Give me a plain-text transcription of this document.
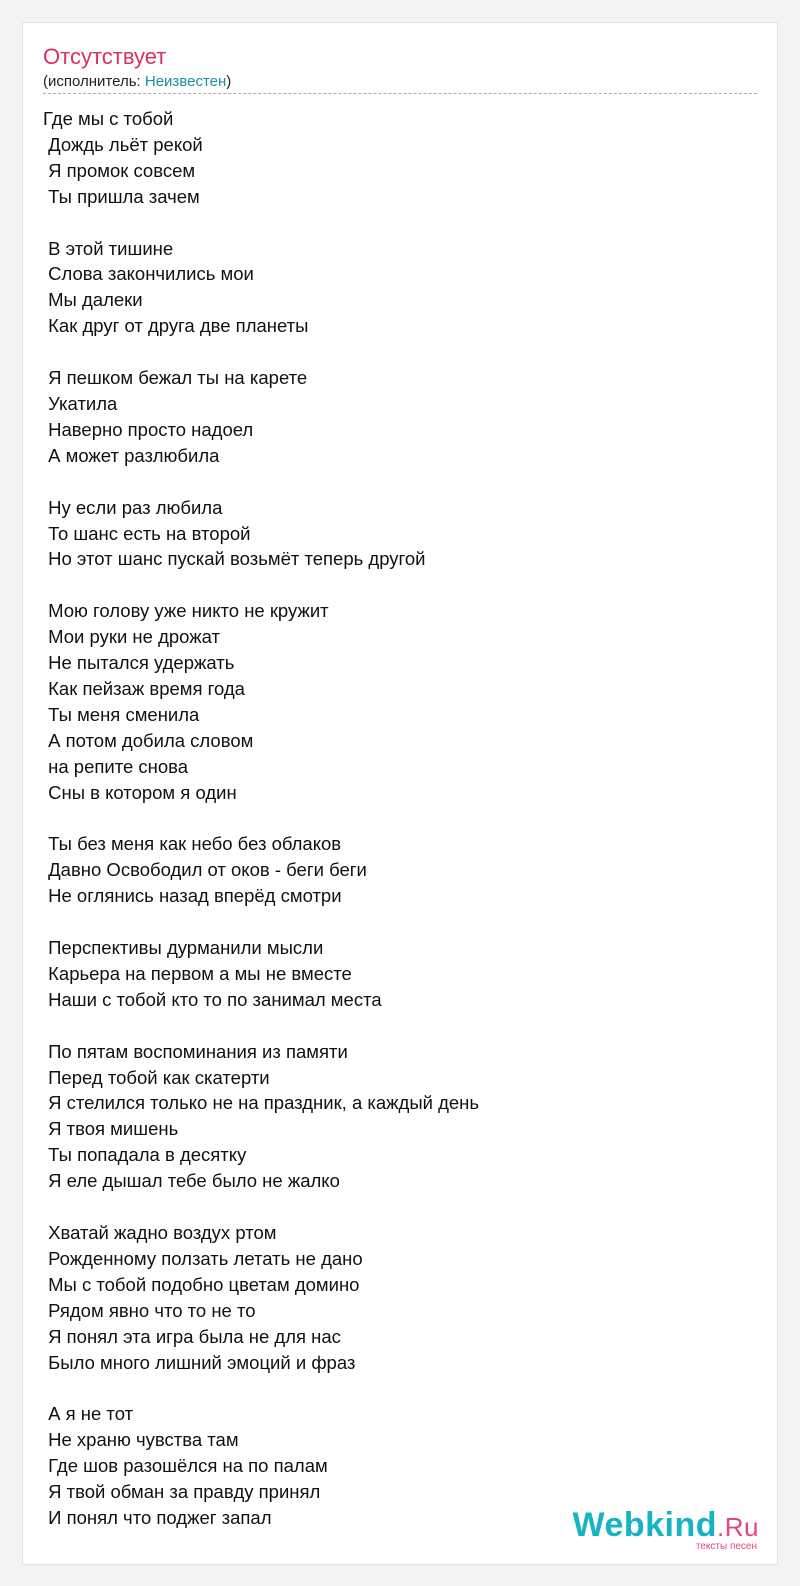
Отсутствует
(исполнитель: Неизвестен)
Где мы с тобой
Дождь льёт рекой
Я промок совсем
Ты пришла зачем

В этой тишине
Слова закончились мои
Мы далеки
Как друг от друга две планеты

Я пешком бежал ты на карете
Укатила
Наверно просто надоел
А может разлюбила

Ну если раз любила
То шанс есть на второй
Но этот шанс пускай возьмёт теперь другой

Мою голову уже никто не кружит
Мои руки не дрожат
Не пытался удержать
Как пейзаж время года
Ты меня сменила
А потом добила словом
на репите снова
Сны в котором я один

Ты без меня как небо без облаков
Давно Освободил от оков - беги беги
Не оглянись назад вперёд смотри

Перспективы дурманили мысли
Карьера на первом а мы не вместе
Наши с тобой кто то по занимал места

По пятам воспоминания из памяти
Перед тобой как скатерти
Я стелился только не на праздник, а каждый день
Я твоя мишень
Ты попадала в десятку
Я еле дышал тебе было не жалко

Хватай жадно воздух ртом
Рожденному ползать летать не дано
Мы с тобой подобно цветам домино
Рядом явно что то не то
Я понял эта игра была не для нас
Было много лишний эмоций и фраз

А я не тот
Не храню чувства там
Где шов разошёлся на по палам
Я твой обман за правду принял
И понял что поджег запал	Webkind.Ru
тексты песен
